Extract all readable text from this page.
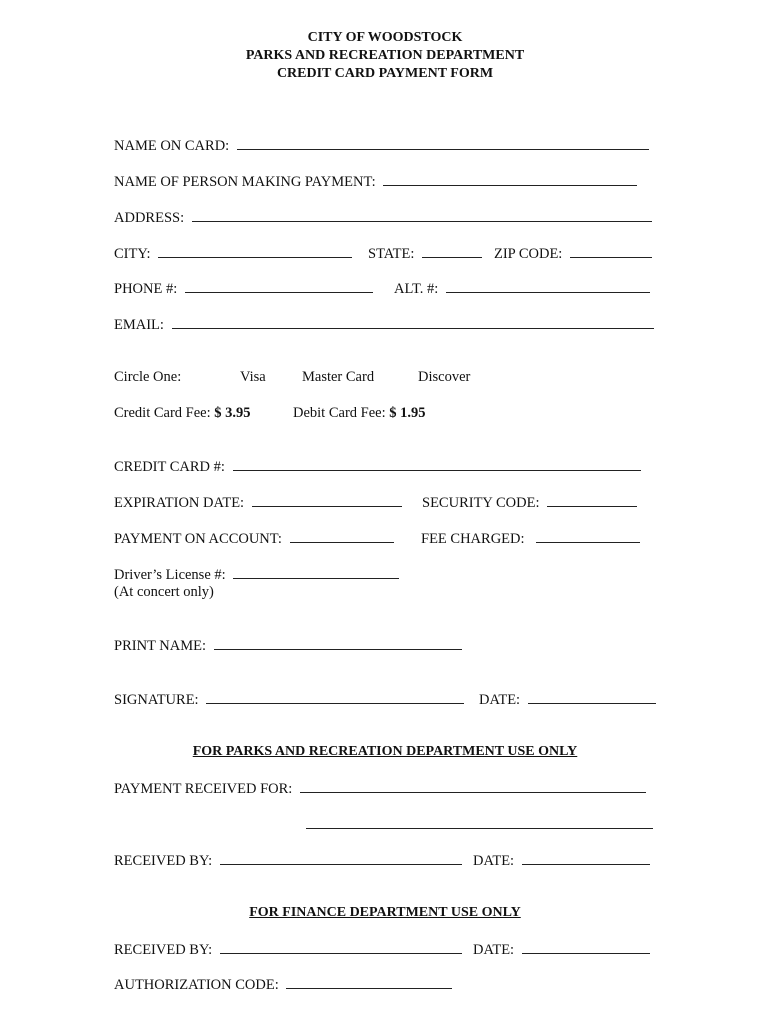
CITY OF WOODSTOCK
PARKS AND RECREATION DEPARTMENT
CREDIT CARD PAYMENT FORM
NAME ON CARD:
NAME OF PERSON MAKING PAYMENT:
ADDRESS:
CITY:	STATE:	ZIP CODE:
PHONE #:	ALT. #:
EMAIL:
Circle One:	Visa	Master Card	Discover
Credit Card Fee: $ 3.95	Debit Card Fee: $ 1.95
CREDIT CARD #:
EXPIRATION DATE:	SECURITY CODE:
PAYMENT ON ACCOUNT:	FEE CHARGED:
Driver’s License #:
(At concert only)
PRINT NAME:
SIGNATURE:	DATE:
FOR PARKS AND RECREATION DEPARTMENT USE ONLY
PAYMENT RECEIVED FOR:
RECEIVED BY:	DATE:
FOR FINANCE DEPARTMENT USE ONLY
RECEIVED BY:	DATE:
AUTHORIZATION CODE:
